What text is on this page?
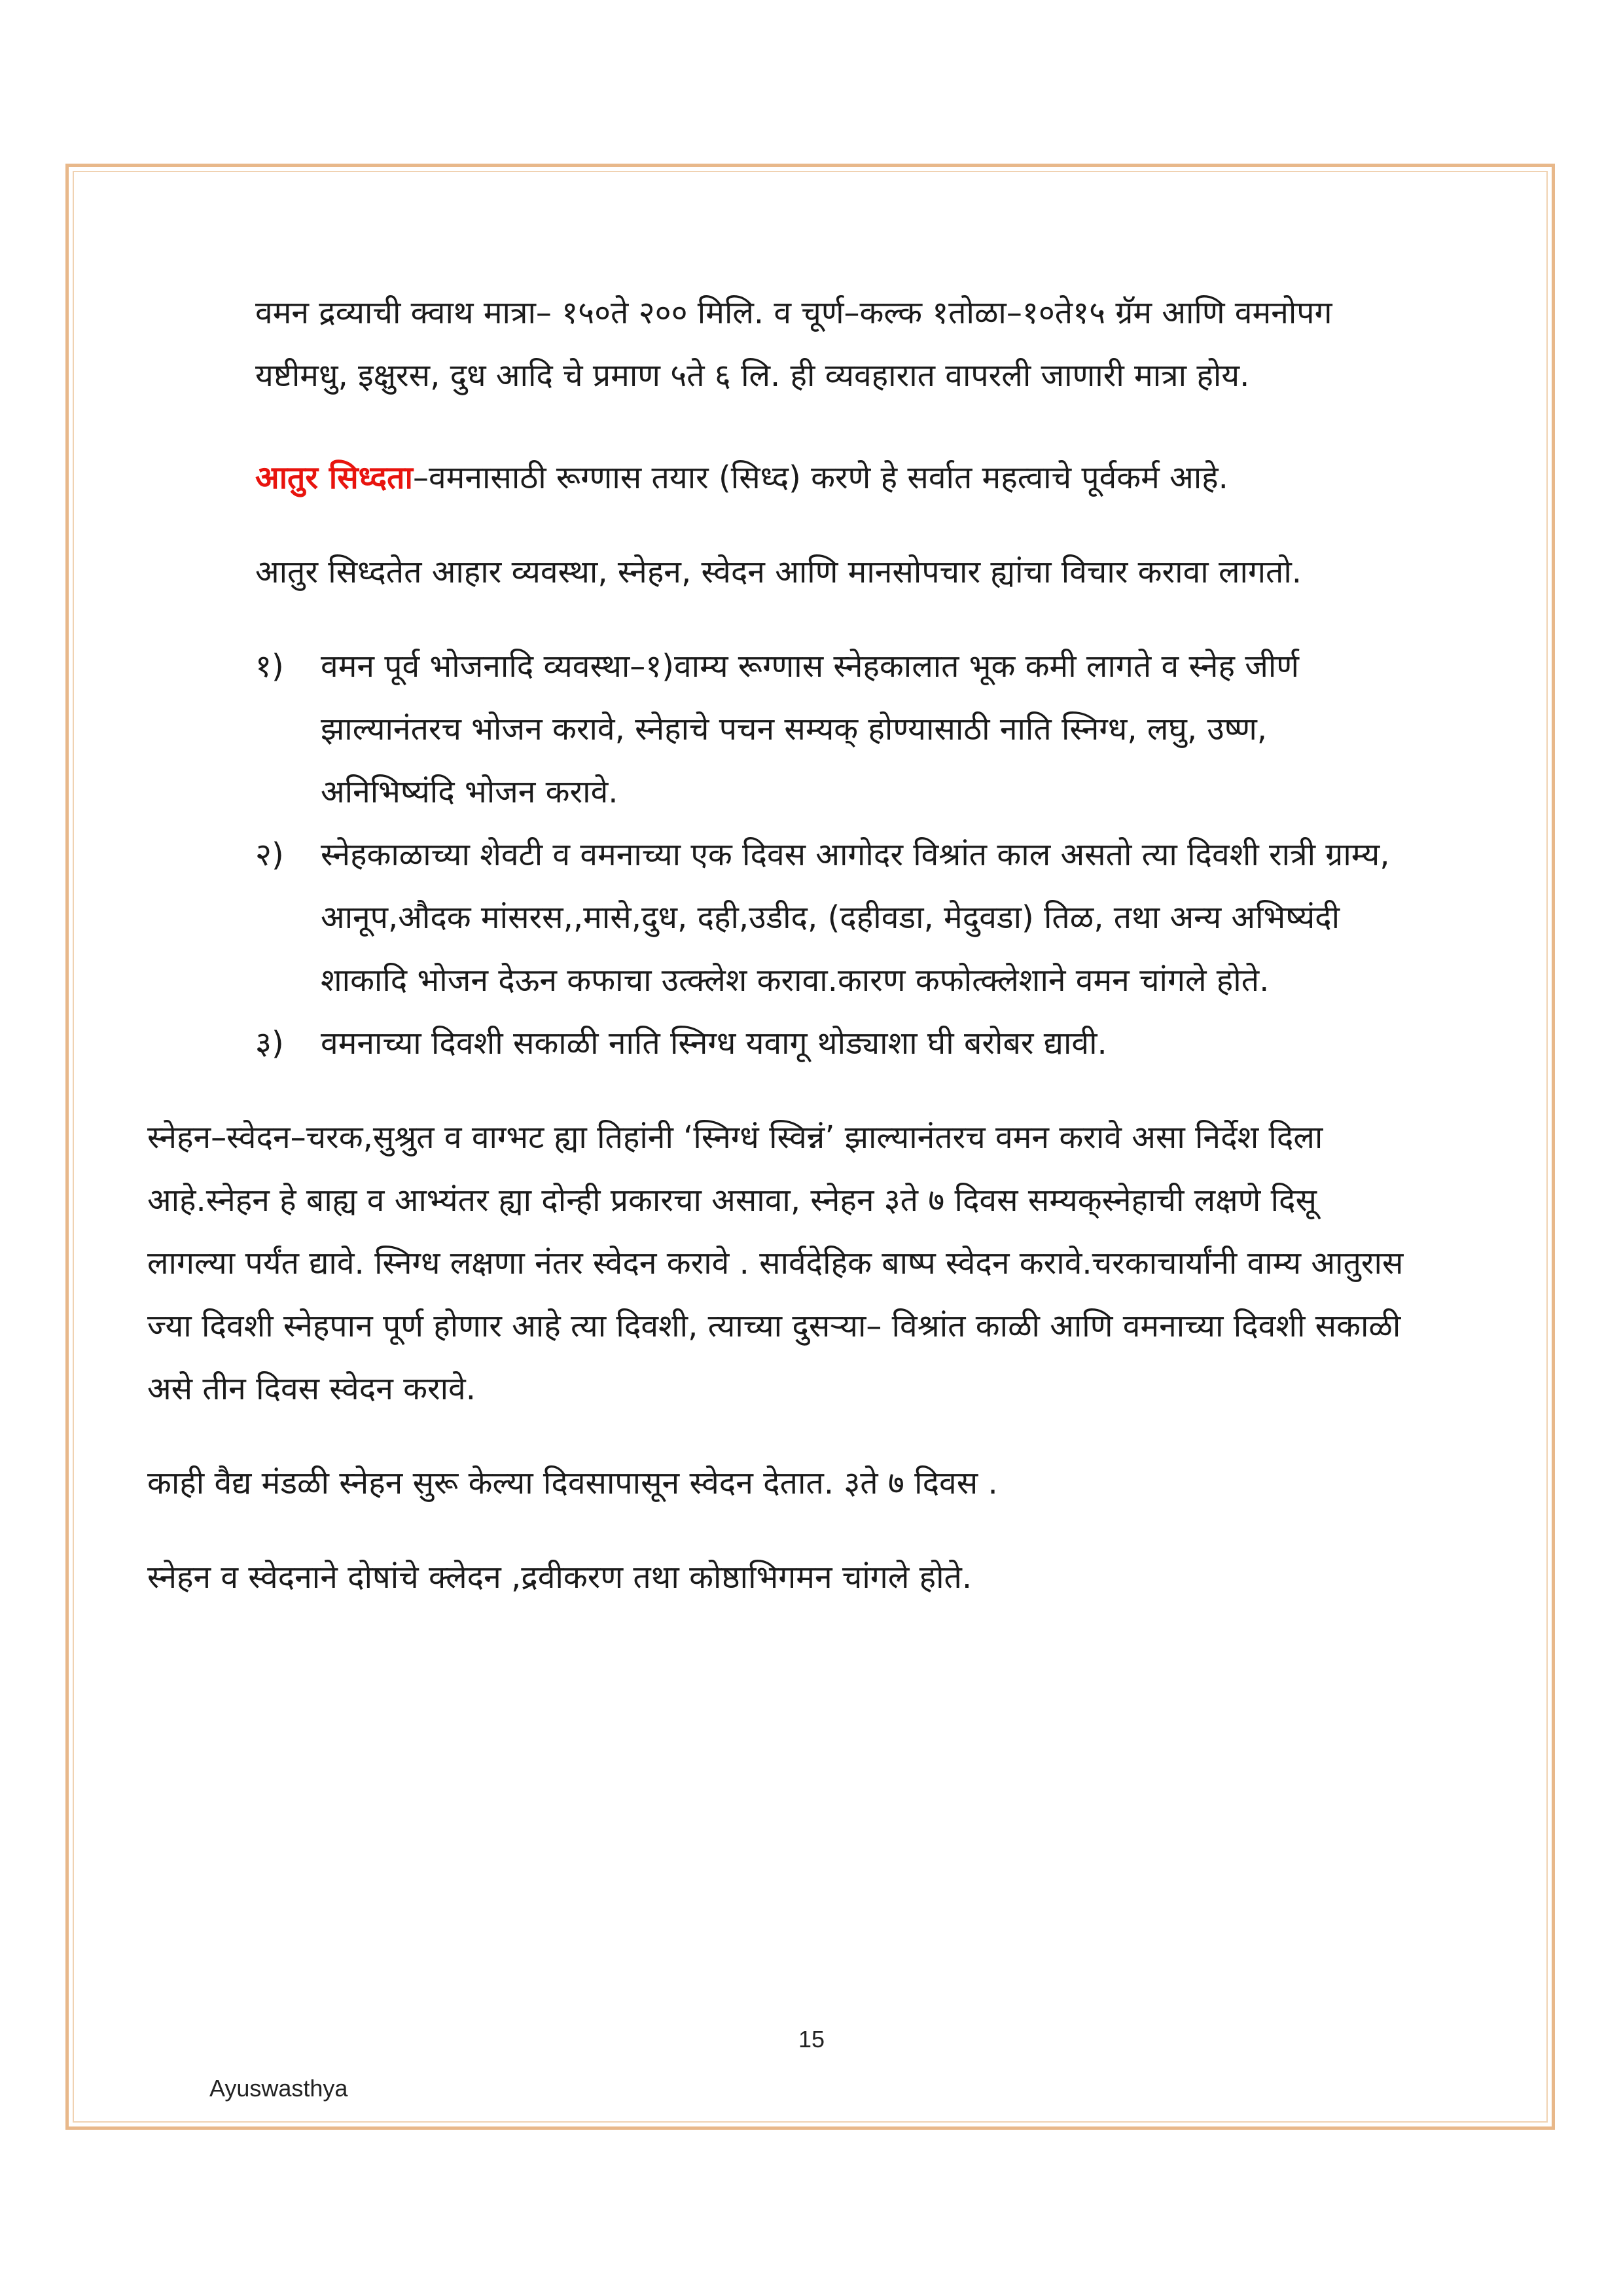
वमन द्रव्याची क्वाथ मात्रा– १५०ते २०० मिलि. व चूर्ण–कल्क १तोळा–१०ते१५ ग्रॅम आणि वमनोपग यष्टीमधु, इक्षुरस, दुध आदि चे प्रमाण ५ते ६ लि. ही व्यवहारात वापरली जाणारी मात्रा होय.

आतुर सिध्दता–वमनासाठी रूग्णास तयार (सिध्द) करणे हे सर्वात महत्वाचे पूर्वकर्म आहे.

आतुर सिध्दतेत आहार व्यवस्था, स्नेहन, स्वेदन आणि मानसोपचार ह्यांचा विचार करावा लागतो.

१) वमन पूर्व भोजनादि व्यवस्था–१)वाम्य रूग्णास स्नेहकालात भूक कमी लागते व स्नेह जीर्ण झाल्यानंतरच भोजन करावे, स्नेहाचे पचन सम्यक् होण्यासाठी नाति स्निग्ध, लघु, उष्ण, अनिभिष्यंदि भोजन करावे.
२) स्नेहकाळाच्या शेवटी व वमनाच्या एक दिवस आगोदर विश्रांत काल असतो त्या दिवशी रात्री ग्राम्य, आनूप,औदक मांसरस,,मासे,दुध, दही,उडीद, (दहीवडा, मेदुवडा) तिळ, तथा अन्य अभिष्यंदी शाकादि भोजन देऊन कफाचा उत्क्लेश करावा.कारण कफोत्क्लेशाने वमन चांगले होते.
३) वमनाच्या दिवशी सकाळी नाति स्निग्ध यवागू थोड्याशा घी बरोबर द्यावी.

स्नेहन–स्वेदन–चरक,सुश्रुत व वाग्भट ह्या तिहांनी ‘स्निग्धं स्विन्नं’ झाल्यानंतरच वमन करावे असा निर्देश दिला आहे.स्नेहन हे बाह्य व आभ्यंतर ह्या दोन्ही प्रकारचा असावा, स्नेहन ३ते ७ दिवस सम्यक्‌स्नेहाची लक्षणे दिसू लागल्या पर्यंत द्यावे. स्निग्ध लक्षणा नंतर स्वेदन करावे . सार्वदेहिक बाष्प स्वेदन करावे.चरकाचार्यांनी वाम्य आतुरास ज्या दिवशी स्नेहपान पूर्ण होणार आहे त्या दिवशी, त्याच्या दुसऱ्या– विश्रांत काळी आणि वमनाच्या दिवशी सकाळी असे तीन दिवस स्वेदन करावे.

काही वैद्य मंडळी स्नेहन सुरू केल्या दिवसापासून स्वेदन देतात. ३ते ७ दिवस .

स्नेहन व स्वेदनाने दोषांचे क्लेदन ,द्रवीकरण तथा कोष्ठाभिगमन चांगले होते.

15
Ayuswasthya
